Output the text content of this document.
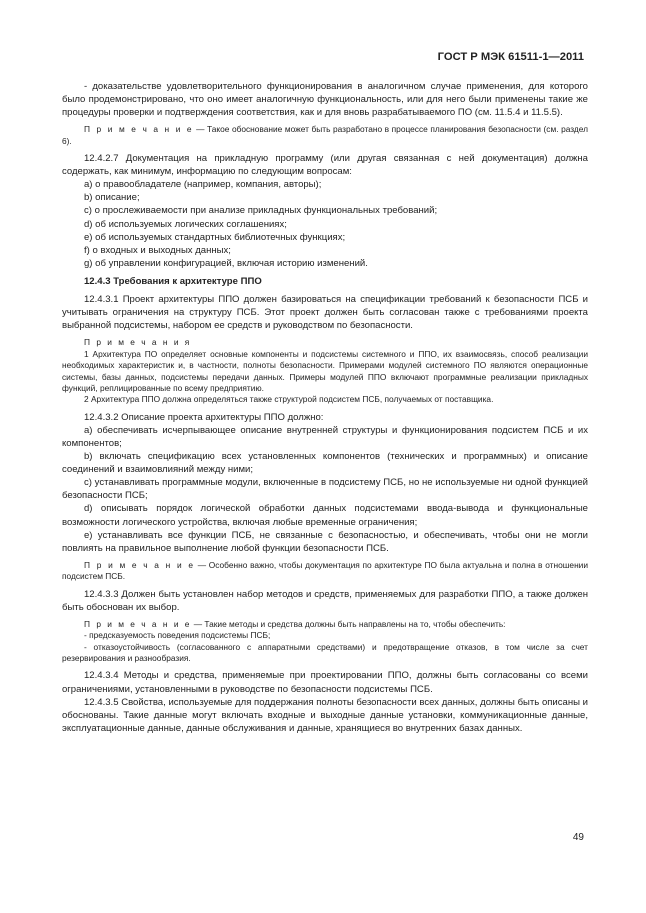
ГОСТ Р МЭК 61511-1—2011

- доказательстве удовлетворительного функционирования в аналогичном случае применения, для которого было продемонстрировано, что оно имеет аналогичную функциональность, или для него были применены такие же процедуры проверки и подтверждения соответствия, как и для вновь разрабатываемого ПО (см. 11.5.4 и 11.5.5).

П р и м е ч а н и е — Такое обоснование может быть разработано в процессе планирования безопасности (см. раздел 6).

12.4.2.7 Документация на прикладную программу (или другая связанная с ней документация) должна содержать, как минимум, информацию по следующим вопросам:

a) о правообладателе (например, компания, авторы);

b) описание;

c) о прослеживаемости при анализе прикладных функциональных требований;

d) об используемых логических соглашениях;

e) об используемых стандартных библиотечных функциях;

f) о входных и выходных данных;

g) об управлении конфигурацией, включая историю изменений.

12.4.3 Требования к архитектуре ППО

12.4.3.1 Проект архитектуры ППО должен базироваться на спецификации требований к безопасности ПСБ и учитывать ограничения на структуру ПСБ. Этот проект должен быть согласован также с требованиями проекта выбранной подсистемы, набором ее средств и руководством по безопасности.

П р и м е ч а н и я

1 Архитектура ПО определяет основные компоненты и подсистемы системного и ППО, их взаимосвязь, способ реализации необходимых характеристик и, в частности, полноты безопасности. Примерами модулей системного ПО являются операционные системы, базы данных, подсистемы передачи данных. Примеры модулей ППО включают программные реализации прикладных функций, реплицированные по всему предприятию.

2 Архитектура ППО должна определяться также структурой подсистем ПСБ, получаемых от поставщика.

12.4.3.2 Описание проекта архитектуры ППО должно:

a) обеспечивать исчерпывающее описание внутренней структуры и функционирования подсистем ПСБ и их компонентов;

b) включать спецификацию всех установленных компонентов (технических и программных) и описание соединений и взаимовлияний между ними;

c) устанавливать программные модули, включенные в подсистему ПСБ, но не используемые ни одной функцией безопасности ПСБ;

d) описывать порядок логической обработки данных подсистемами ввода-вывода и функциональные возможности логического устройства, включая любые временные ограничения;

e) устанавливать все функции ПСБ, не связанные с безопасностью, и обеспечивать, чтобы они не могли повлиять на правильное выполнение любой функции безопасности ПСБ.

П р и м е ч а н и е — Особенно важно, чтобы документация по архитектуре ПО была актуальна и полна в отношении подсистем ПСБ.

12.4.3.3 Должен быть установлен набор методов и средств, применяемых для разработки ППО, а также должен быть обоснован их выбор.

П р и м е ч а н и е — Такие методы и средства должны быть направлены на то, чтобы обеспечить:

- предсказуемость поведения подсистемы ПСБ;

- отказоустойчивость (согласованного с аппаратными средствами) и предотвращение отказов, в том числе за счет резервирования и разнообразия.

12.4.3.4 Методы и средства, применяемые при проектировании ППО, должны быть согласованы со всеми ограничениями, установленными в руководстве по безопасности подсистемы ПСБ.

12.4.3.5 Свойства, используемые для поддержания полноты безопасности всех данных, должны быть описаны и обоснованы. Такие данные могут включать входные и выходные данные установки, коммуникационные данные, эксплуатационные данные, данные обслуживания и данные, хранящиеся во внутренних базах данных.

49
